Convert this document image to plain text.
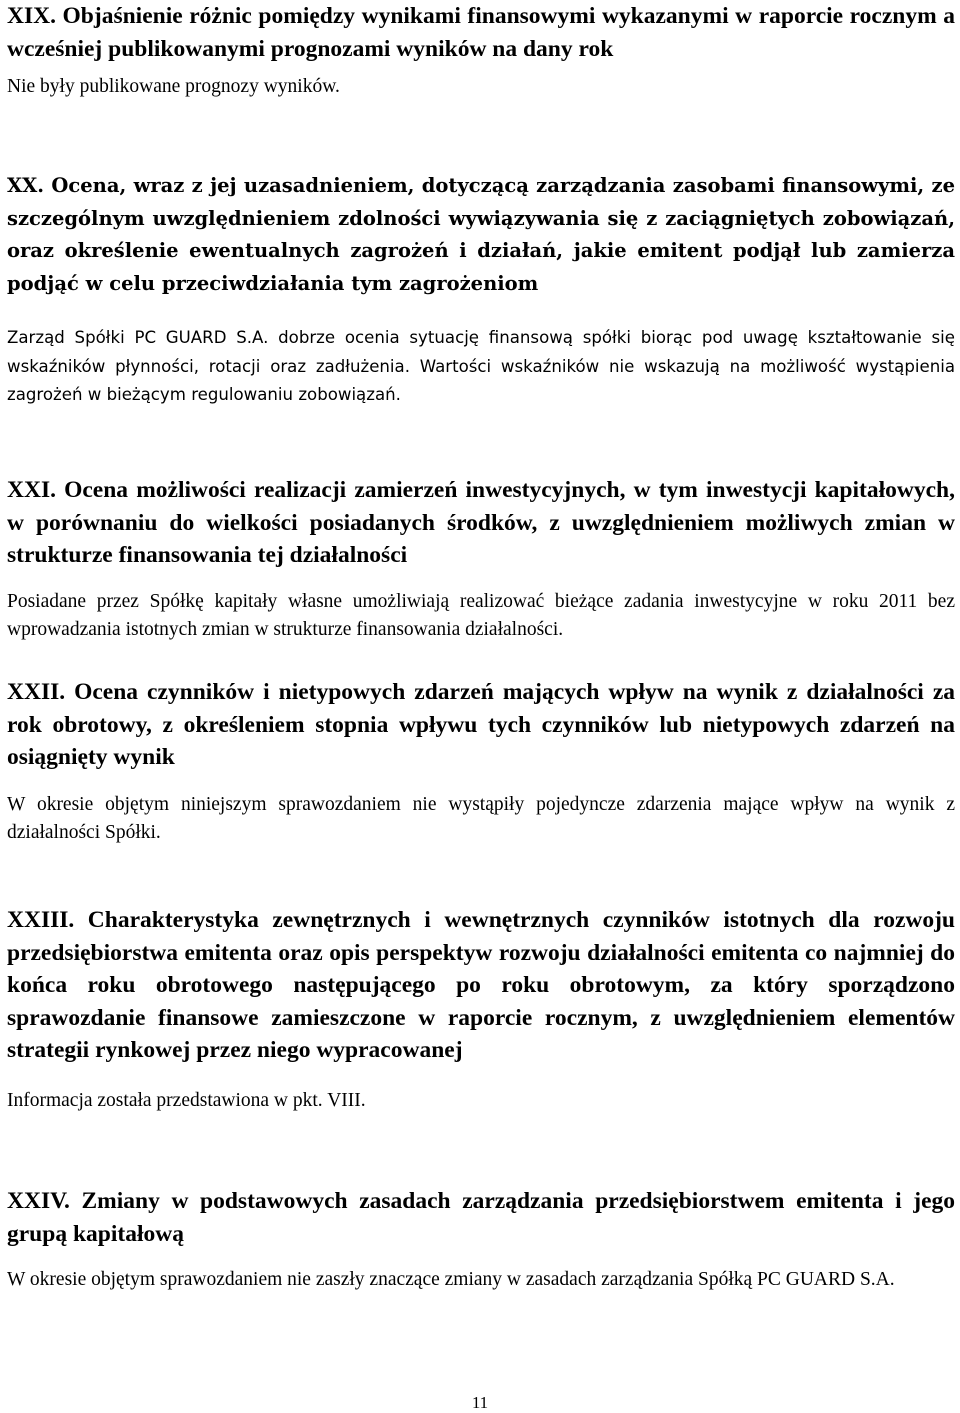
XIX. Objaśnienie różnic pomiędzy wynikami finansowymi wykazanymi w raporcie rocznym a wcześniej publikowanymi prognozami wyników na dany rok

Nie były publikowane prognozy wyników.

XX. Ocena, wraz z jej uzasadnieniem, dotyczącą zarządzania zasobami finansowymi, ze szczególnym uwzględnieniem zdolności wywiązywania się z zaciągniętych zobowiązań, oraz określenie ewentualnych zagrożeń i działań, jakie emitent podjął lub zamierza podjąć w celu przeciwdziałania tym zagrożeniom

Zarząd Spółki PC GUARD S.A. dobrze ocenia sytuację finansową spółki biorąc pod uwagę kształtowanie się wskaźników płynności, rotacji oraz zadłużenia. Wartości wskaźników nie wskazują na możliwość wystąpienia zagrożeń w bieżącym regulowaniu zobowiązań.

XXI. Ocena możliwości realizacji zamierzeń inwestycyjnych, w tym inwestycji kapitałowych, w porównaniu do wielkości posiadanych środków, z uwzględnieniem możliwych zmian w strukturze finansowania tej działalności

Posiadane przez Spółkę kapitały własne umożliwiają realizować bieżące zadania inwestycyjne w roku 2011 bez wprowadzania istotnych zmian w strukturze finansowania działalności.

XXII. Ocena czynników i nietypowych zdarzeń mających wpływ na wynik z działalności za rok obrotowy, z określeniem stopnia wpływu tych czynników lub nietypowych zdarzeń na osiągnięty wynik

W okresie objętym niniejszym sprawozdaniem nie wystąpiły pojedyncze zdarzenia mające wpływ na wynik z działalności Spółki.

XXIII. Charakterystyka zewnętrznych i wewnętrznych czynników istotnych dla rozwoju przedsiębiorstwa emitenta oraz opis perspektyw rozwoju działalności emitenta co najmniej do końca roku obrotowego następującego po roku obrotowym, za który sporządzono sprawozdanie finansowe zamieszczone w raporcie rocznym, z uwzględnieniem elementów strategii rynkowej przez niego wypracowanej

Informacja została przedstawiona w pkt. VIII.

XXIV. Zmiany w podstawowych zasadach zarządzania przedsiębiorstwem emitenta i jego grupą kapitałową

W okresie objętym sprawozdaniem nie zaszły znaczące zmiany w zasadach zarządzania Spółką PC GUARD S.A.

11
